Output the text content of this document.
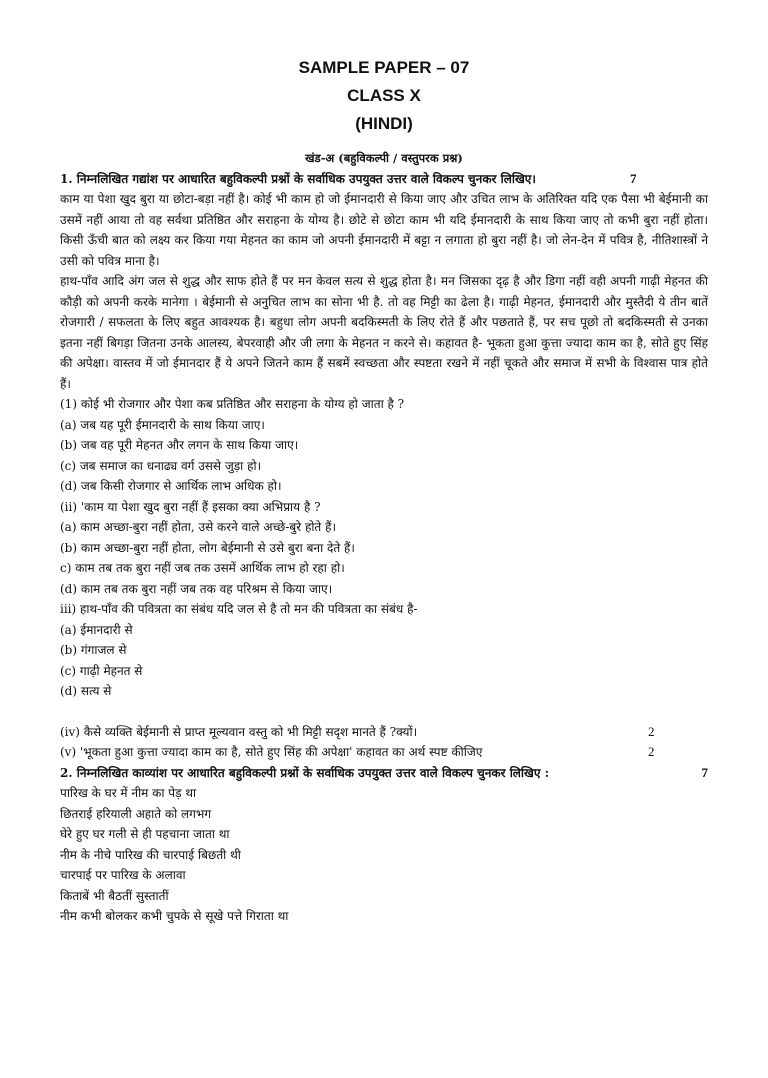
SAMPLE PAPER – 07
CLASS X
(HINDI)
खंड-अ (बहुविकल्पी / वस्तुपरक प्रश्न)
1. निम्नलिखित गद्यांश पर आधारित बहुविकल्पी प्रश्नों के सर्वाधिक उपयुक्त उत्तर वाले विकल्प चुनकर लिखिए।	7

काम या पेशा खुद बुरा या छोटा-बड़ा नहीं है। कोई भी काम हो जो ईमानदारी से किया जाए और उचित लाभ के अतिरिक्त यदि एक पैसा भी बेईमानी का उसमें नहीं आया तो वह सर्वथा प्रतिष्ठित और सराहना के योग्य है। छोटे से छोटा काम भी यदि ईमानदारी के साथ किया जाए तो कभी बुरा नहीं होता। किसी ऊँची बात को लक्ष्य कर किया गया मेहनत का काम जो अपनी ईमानदारी में बट्टा न लगाता हो बुरा नहीं है। जो लेन-देन में पवित्र है, नीतिशास्त्रों ने उसी को पवित्र माना है।

हाथ-पाँव आदि अंग जल से शुद्ध और साफ होते हैं पर मन केवल सत्य से शुद्ध होता है। मन जिसका दृढ़ है और डिगा नहीं वही अपनी गाढ़ी मेहनत की कौड़ी को अपनी करके मानेगा । बेईमानी से अनुचित लाभ का सोना भी है. तो वह मिट्टी का ढेला है। गाढ़ी मेहनत, ईमानदारी और मुस्तैदी ये तीन बातें रोजगारी / सफलता के लिए बहुत आवश्यक है। बहुधा लोग अपनी बदकिस्मती के लिए रोते हैं और पछताते हैं, पर सच पूछो तो बदकिस्मती से उनका इतना नहीं बिगड़ा जितना उनके आलस्य, बेपरवाही और जी लगा के मेहनत न करने से। कहावत है- भूकता हुआ कुत्ता ज्यादा काम का है, सोते हुए सिंह की अपेक्षा। वास्तव में जो ईमानदार हैं ये अपने जितने काम हैं सबमें स्वच्छता और स्पष्टता रखने में नहीं चूकते और समाज में सभी के विश्वास पात्र होते हैं।

(1) कोई भी रोजगार और पेशा कब प्रतिष्ठित और सराहना के योग्य हो जाता है ?

(a) जब यह पूरी ईमानदारी के साथ किया जाए।

(b) जब वह पूरी मेहनत और लगन के साथ किया जाए।

(c) जब समाज का धनाढ्य वर्ग उससे जुड़ा हो।

(d) जब किसी रोजगार से आर्थिक लाभ अधिक हो।

(ii) 'काम या पेशा खुद बुरा नहीं हैं इसका क्या अभिप्राय है ?

(a) काम अच्छा-बुरा नहीं होता, उसे करने वाले अच्छे-बुरे होते हैं।

(b) काम अच्छा-बुरा नहीं होता, लोग बेईमानी से उसे बुरा बना देते हैं।

c) काम तब तक बुरा नहीं जब तक उसमें आर्थिक लाभ हो रहा हो।

(d) काम तब तक बुरा नहीं जब तक वह परिश्रम से किया जाए।

iii) हाथ-पाँव की पवित्रता का संबंध यदि जल से है तो मन की पवित्रता का संबंध है-

(a) ईमानदारी से

(b) गंगाजल से

(c) गाढ़ी मेहनत से

(d) सत्य से

(iv) कैसे व्यक्ति बेईमानी से प्राप्त मूल्यवान वस्तु को भी मिट्टी सदृश मानते हैं ?क्यों।	2
(v) 'भूकता हुआ कुत्ता ज्यादा काम का है, सोते हुए सिंह की अपेक्षा' कहावत का अर्थ स्पष्ट कीजिए	2
2. निम्नलिखित काव्यांश पर आधारित बहुविकल्पी प्रश्नों के सर्वाधिक उपयुक्त उत्तर वाले विकल्प चुनकर लिखिए :	7

पारिख के घर में नीम का पेड़ था

छितराई हरियाली अहाते को लगभग

घेरे हुए घर गली से ही पहचाना जाता था

नीम के नीचे पारिख की चारपाई बिछती थी

चारपाई पर पारिख के अलावा

किताबें भी बैठतीं सुस्तातीं

नीम कभी बोलकर कभी चुपके से सूखे पत्ते गिराता था
